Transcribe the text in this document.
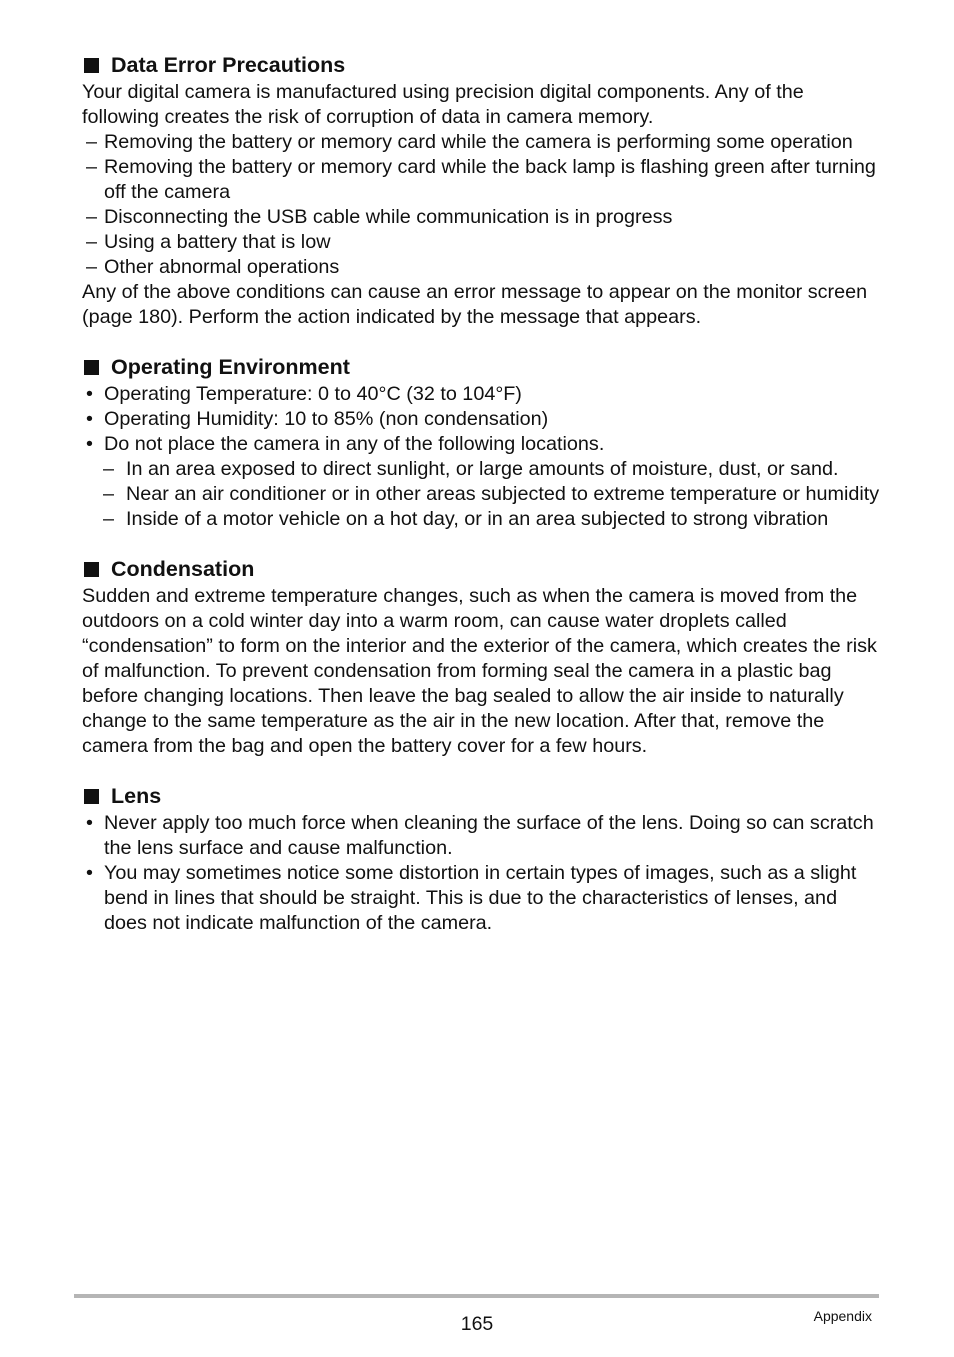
Data Error Precautions

Your digital camera is manufactured using precision digital components. Any of the following creates the risk of corruption of data in camera memory.

– Removing the battery or memory card while the camera is performing some operation
– Removing the battery or memory card while the back lamp is flashing green after turning off the camera
– Disconnecting the USB cable while communication is in progress
– Using a battery that is low
– Other abnormal operations

Any of the above conditions can cause an error message to appear on the monitor screen (page 180). Perform the action indicated by the message that appears.

Operating Environment
• Operating Temperature: 0 to 40°C (32 to 104°F)
• Operating Humidity: 10 to 85% (non condensation)
• Do not place the camera in any of the following locations.
– In an area exposed to direct sunlight, or large amounts of moisture, dust, or sand.
– Near an air conditioner or in other areas subjected to extreme temperature or humidity
– Inside of a motor vehicle on a hot day, or in an area subjected to strong vibration
Condensation

Sudden and extreme temperature changes, such as when the camera is moved from the outdoors on a cold winter day into a warm room, can cause water droplets called “condensation” to form on the interior and the exterior of the camera, which creates the risk of malfunction. To prevent condensation from forming seal the camera in a plastic bag before changing locations. Then leave the bag sealed to allow the air inside to naturally change to the same temperature as the air in the new location. After that, remove the camera from the bag and open the battery cover for a few hours.

Lens
• Never apply too much force when cleaning the surface of the lens. Doing so can scratch the lens surface and cause malfunction.
• You may sometimes notice some distortion in certain types of images, such as a slight bend in lines that should be straight. This is due to the characteristics of lenses, and does not indicate malfunction of the camera.
165	Appendix
